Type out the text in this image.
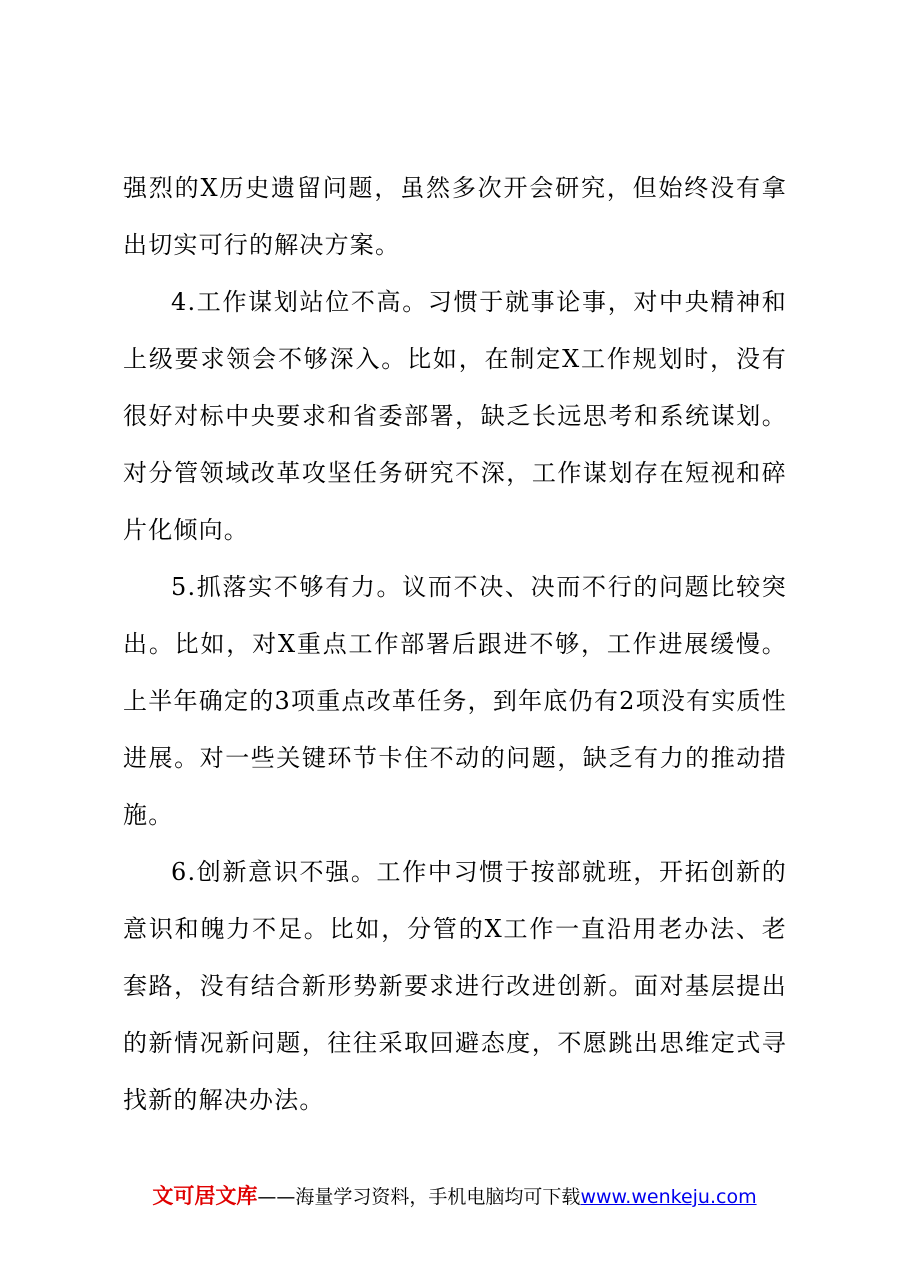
强烈的X历史遗留问题，虽然多次开会研究，但始终没有拿出切实可行的解决方案。

4.工作谋划站位不高。习惯于就事论事，对中央精神和上级要求领会不够深入。比如，在制定X工作规划时，没有很好对标中央要求和省委部署，缺乏长远思考和系统谋划。对分管领域改革攻坚任务研究不深，工作谋划存在短视和碎片化倾向。

5.抓落实不够有力。议而不决、决而不行的问题比较突出。比如，对X重点工作部署后跟进不够，工作进展缓慢。上半年确定的3项重点改革任务，到年底仍有2项没有实质性进展。对一些关键环节卡住不动的问题，缺乏有力的推动措施。

6.创新意识不强。工作中习惯于按部就班，开拓创新的意识和魄力不足。比如，分管的X工作一直沿用老办法、老套路，没有结合新形势新要求进行改进创新。面对基层提出的新情况新问题，往往采取回避态度，不愿跳出思维定式寻找新的解决办法。

文可居文库——海量学习资料，手机电脑均可下载www.wenkeju.com
